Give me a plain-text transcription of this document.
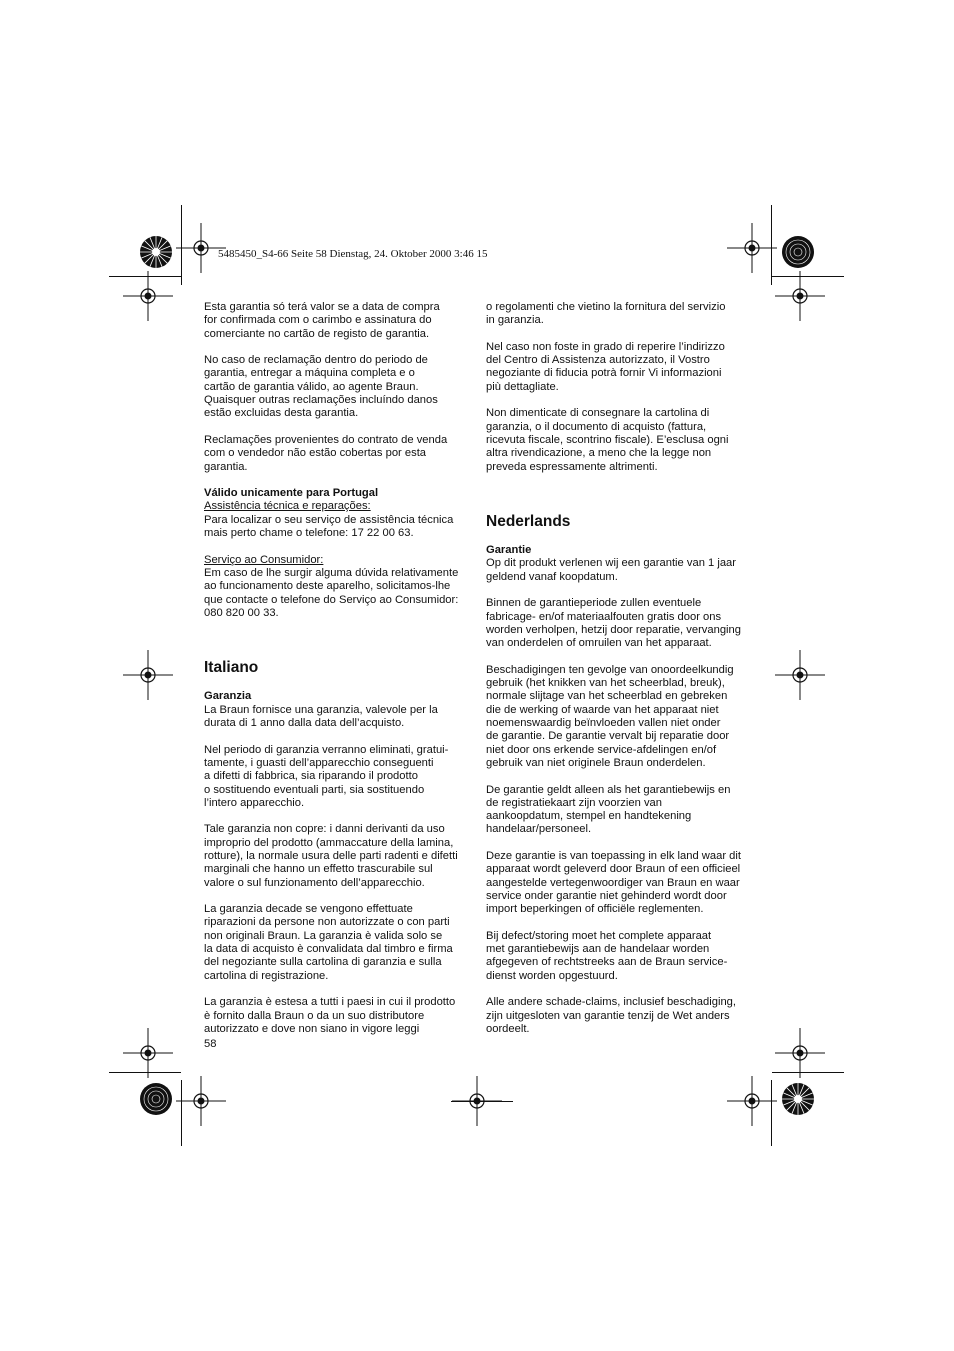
5485450_S4-66 Seite 58 Dienstag, 24. Oktober 2000 3:46 15

Esta garantia só terá valor se a data de compra
for confirmada com o carimbo e assinatura do
comerciante no cartão de registo de garantia.

No caso de reclamação dentro do periodo de
garantia, entregar a máquina completa e o
cartão de garantia válido, ao agente Braun.
Quaisquer outras reclamações incluíndo danos
estão excluidas desta garantia.

Reclamações provenientes do contrato de venda
com o vendedor não estão cobertas por esta
garantia.

Válido unicamente para Portugal
Assistência técnica e reparações:

Para localizar o seu serviço de assistência técnica
mais perto chame o telefone: 17 22 00 63.

Serviço ao Consumidor:

Em caso de lhe surgir alguma dúvida relativamente
ao funcionamento deste aparelho, solicitamos-lhe
que contacte o telefone do Serviço ao Consumidor:
080 820 00 33.

Italiano
Garanzia

La Braun fornisce una garanzia, valevole per la
durata di 1 anno dalla data dell’acquisto.

Nel periodo di garanzia verranno eliminati, gratui-
tamente, i guasti dell’apparecchio conseguenti
a difetti di fabbrica, sia riparando il prodotto
o sostituendo eventuali parti, sia sostituendo
l’intero apparecchio.

Tale garanzia non copre: i danni derivanti da uso
improprio del prodotto (ammaccature della lamina,
rotture), la normale usura delle parti radenti e difetti
marginali che hanno un effetto trascurabile sul
valore o sul funzionamento dell’apparecchio.

La garanzia decade se vengono effettuate
riparazioni da persone non autorizzate o con parti
non originali Braun. La garanzia è valida solo se
la data di acquisto è convalidata dal timbro e firma
del negoziante sulla cartolina di garanzia e sulla
cartolina di registrazione.

La garanzia è estesa a tutti i paesi in cui il prodotto
è fornito dalla Braun o da un suo distributore
autorizzato e dove non siano in vigore leggi

o regolamenti che vietino la fornitura del servizio
in garanzia.

Nel caso non foste in grado di reperire l’indirizzo
del Centro di Assistenza autorizzato, il Vostro
negoziante di fiducia potrà fornir Vi informazioni
più dettagliate.

Non dimenticate di consegnare la cartolina di
garanzia, o il documento di acquisto (fattura,
ricevuta fiscale, scontrino fiscale). E’esclusa ogni
altra rivendicazione, a meno che la legge non
preveda espressamente altrimenti.

Nederlands
Garantie

Op dit produkt verlenen wij een garantie van 1 jaar
geldend vanaf koopdatum.

Binnen de garantieperiode zullen eventuele
fabricage- en/of materiaalfouten gratis door ons
worden verholpen, hetzij door reparatie, vervanging
van onderdelen of omruilen van het apparaat.

Beschadigingen ten gevolge van onoordeelkundig
gebruik (het knikken van het scheerblad, breuk),
normale slijtage van het scheerblad en gebreken
die de werking of waarde van het apparaat niet
noemenswaardig beïnvloeden vallen niet onder
de garantie. De garantie vervalt bij reparatie door
niet door ons erkende service-afdelingen en/of
gebruik van niet originele Braun onderdelen.

De garantie geldt alleen als het garantiebewijs en
de registratiekaart zijn voorzien van
aankoopdatum, stempel en handtekening
handelaar/personeel.

Deze garantie is van toepassing in elk land waar dit
apparaat wordt geleverd door Braun of een officieel
aangestelde vertegenwoordiger van Braun en waar
service onder garantie niet gehinderd wordt door
import beperkingen of officiële reglementen.

Bij defect/storing moet het complete apparaat
met garantiebewijs aan de handelaar worden
afgegeven of rechtstreeks aan de Braun service-
dienst worden opgestuurd.

Alle andere schade-claims, inclusief beschadiging,
zijn uitgesloten van garantie tenzij de Wet anders
oordeelt.

58
